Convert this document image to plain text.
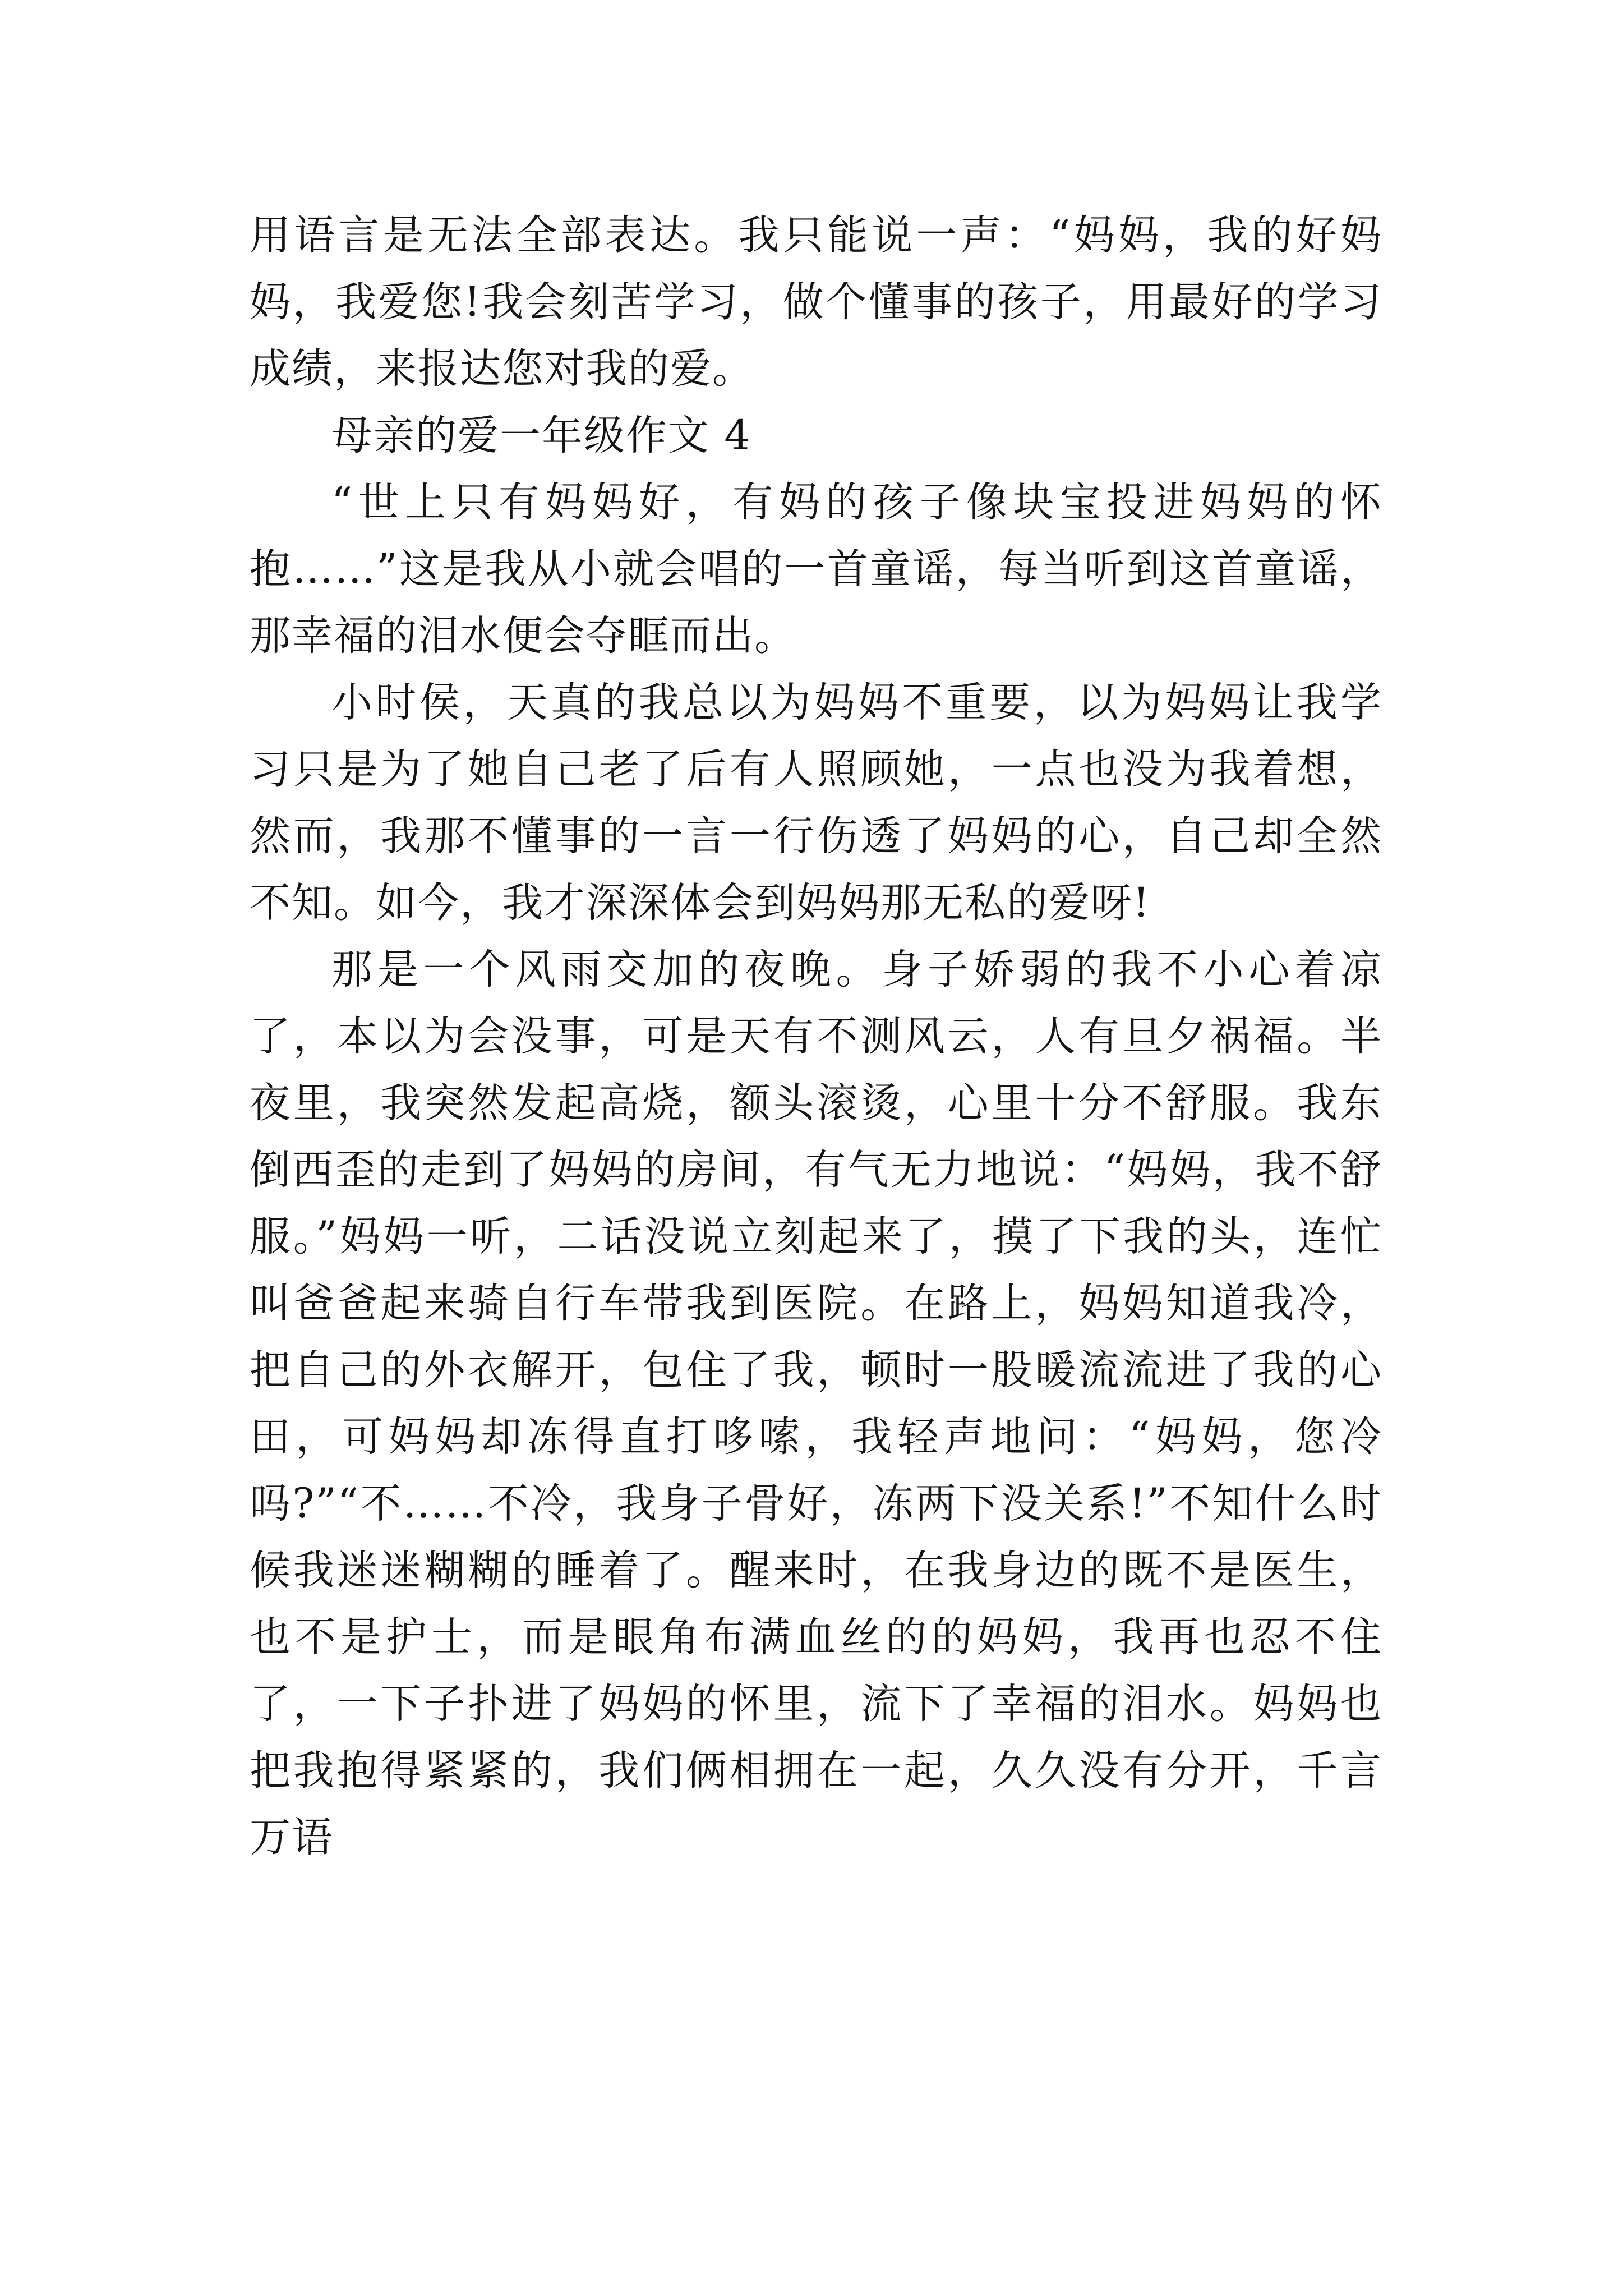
用语言是无法全部表达。我只能说一声：“妈妈，我的好妈妈，我爱您!我会刻苦学习，做个懂事的孩子，用最好的学习成绩，来报达您对我的爱。

母亲的爱一年级作文 4

“世上只有妈妈好，有妈的孩子像块宝投进妈妈的怀抱……”这是我从小就会唱的一首童谣，每当听到这首童谣，那幸福的泪水便会夺眶而出。

小时侯，天真的我总以为妈妈不重要，以为妈妈让我学习只是为了她自己老了后有人照顾她，一点也没为我着想，然而，我那不懂事的一言一行伤透了妈妈的心，自己却全然不知。如今，我才深深体会到妈妈那无私的爱呀!

那是一个风雨交加的夜晚。身子娇弱的我不小心着凉了，本以为会没事，可是天有不测风云，人有旦夕祸福。半夜里，我突然发起高烧，额头滚烫，心里十分不舒服。我东倒西歪的走到了妈妈的房间，有气无力地说：“妈妈，我不舒服。”妈妈一听，二话没说立刻起来了，摸了下我的头，连忙叫爸爸起来骑自行车带我到医院。在路上，妈妈知道我冷，把自己的外衣解开，包住了我，顿时一股暖流流进了我的心田，可妈妈却冻得直打哆嗦，我轻声地问：“妈妈，您冷吗?”“不……不冷，我身子骨好，冻两下没关系!”不知什么时候我迷迷糊糊的睡着了。醒来时，在我身边的既不是医生，也不是护士，而是眼角布满血丝的的妈妈，我再也忍不住了，一下子扑进了妈妈的怀里，流下了幸福的泪水。妈妈也把我抱得紧紧的，我们俩相拥在一起，久久没有分开，千言万语
